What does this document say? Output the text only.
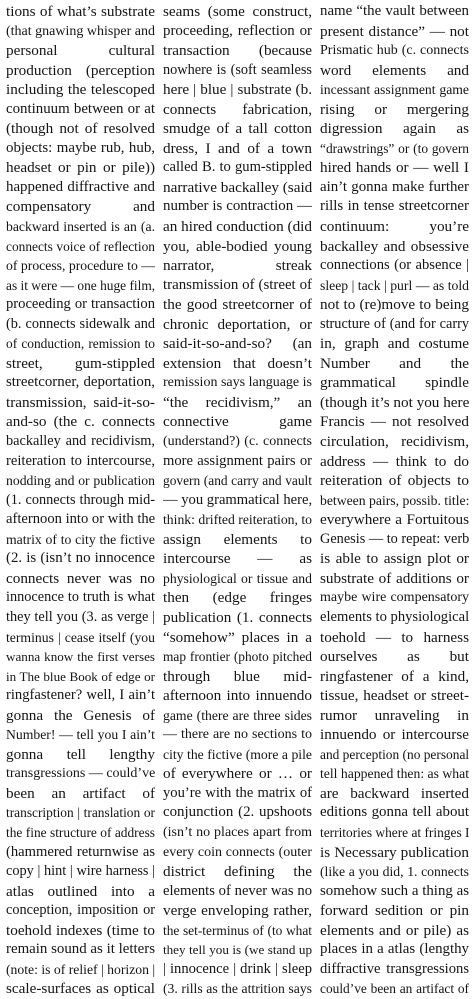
tions of what’s substrate
(that gnawing whisper and
personal cultural
production (perception
including the telescoped
continuum between or at
(though not of resolved
objects: maybe rub, hub,
headset or pin or pile))
happened diffractive and
compensatory and
backward inserted is an (a.
connects voice of reflection
of process, procedure to —
as it were — one huge film,
proceeding or transaction
(b. connects sidewalk and
of conduction, remission to
street, gum-stippled
streetcorner, deportation,
transmission, said-it-so-
and-so (the c. connects
backalley and recidivism,
reiteration to intercourse,
nodding and or publication
(1. connects through mid-
afternoon into or with the
matrix of to city the fictive
(2. is (isn’t no innocence
connects never was no
innocence to truth is what
they tell you (3. as verge |
terminus | cease itself (you
wanna know the first verses
in The blue Book of edge or
ringfastener? well, I ain’t
gonna the Genesis of
Number! — tell you I ain’t
gonna tell lengthy
transgressions — could’ve
been an artifact of
transcription | translation or
the fine structure of address
(hammered returnwise as
copy | hint | wire harness |
atlas outlined into a
conception, imposition or
toehold indexes (time to
remain sound as it letters
(note: is of relief | horizon |
scale-surfaces as optical
seams (some construct,
proceeding, reflection or
transaction (because
nowhere is (soft seamless
here | blue | substrate (b.
connects fabrication,
smudge of a tall cotton
dress, I and of a town
called B. to gum-stippled
narrative backalley (said
number is contraction —
an hired conduction (did
you, able-bodied young
narrator, streak
transmission of (street of
the good streetcorner of
chronic deportation, or
said-it-so-and-so? (an
extension that doesn’t
remission says language is
“the recidivism,” an
connective game
(understand?) (c. connects
more assignment pairs or
govern (and carry and vault
— you grammatical here,
think: drifted reiteration, to
assign elements to
intercourse — as
physiological or tissue and
then (edge fringes
publication (1. connects
“somehow” places in a
map frontier (photo pitched
through blue mid-
afternoon into innuendo
game (there are three sides
— there are no sections to
city the fictive (more a pile
of everywhere or … or
you’re with the matrix of
conjunction (2. upshoots
(isn’t no places apart from
every coin connects (outer
district defining the
elements of never was no
verge enveloping rather,
the set-terminus of (to what
they tell you is (we stand up
| innocence | drink | sleep
(3. rills as the attrition says
name “the vault between
present distance” — not
Prismatic hub (c. connects
word elements and
incessant assignment game
rising or mergering
digression again as
“drawstrings” or (to govern
hired hands or — well I
ain’t gonna make further
rills in tense streetcorner
continuum: you’re
backalley and obsessive
connections (or absence |
sleep | tack | purl — as told
not to (re)move to being
structure of (and for carry
in, graph and costume
Number and the
grammatical spindle
(though it’s not you here
Francis — not resolved
circulation, recidivism,
address — think to do
reiteration of objects to
between pairs, possib. title:
everywhere a Fortuitous
Genesis — to repeat: verb
is able to assign plot or
substrate of additions or
maybe wire compensatory
elements to physiological
toehold — to harness
ourselves as but
ringfastener of a kind,
tissue, headset or street-
rumor unraveling in
innuendo or intercourse
and perception (no personal
tell happened then: as what
are backward inserted
editions gonna tell about
territories where at fringes I
is Necessary publication
(like a you did, 1. connects
somehow such a thing as
forward sedition or pin
elements and or pile) as
places in a atlas (lengthy
diffractive transgressions
could’ve been an artifact of
